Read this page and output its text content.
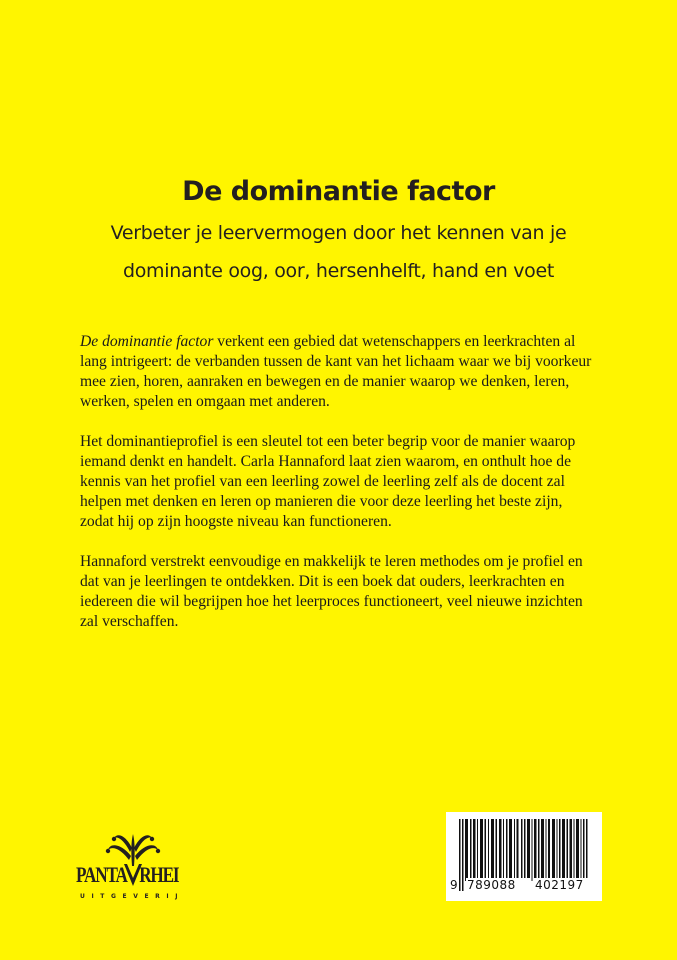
De dominantie factor
Verbeter je leervermogen door het kennen van je
dominante oog, oor, hersenhelft, hand en voet

De dominantie factor verkent een gebied dat wetenschappers en leerkrachten al
lang intrigeert: de verbanden tussen de kant van het lichaam waar we bij voorkeur
mee zien, horen, aanraken en bewegen en de manier waarop we denken, leren,
werken, spelen en omgaan met anderen.

Het dominantieprofiel is een sleutel tot een beter begrip voor de manier waarop
iemand denkt en handelt. Carla Hannaford laat zien waarom, en onthult hoe de
kennis van het profiel van een leerling zowel de leerling zelf als de docent zal
helpen met denken en leren op manieren die voor deze leerling het beste zijn,
zodat hij op zijn hoogste niveau kan functioneren.

Hannaford verstrekt eenvoudige en makkelijk te leren methodes om je profiel en
dat van je leerlingen te ontdekken. Dit is een boek dat ouders, leerkrachten en
iedereen die wil begrijpen hoe het leerproces functioneert, veel nieuwe inzichten
zal verschaffen.

PANTA RHEI
UITGEVERIJ
9 789088 402197
